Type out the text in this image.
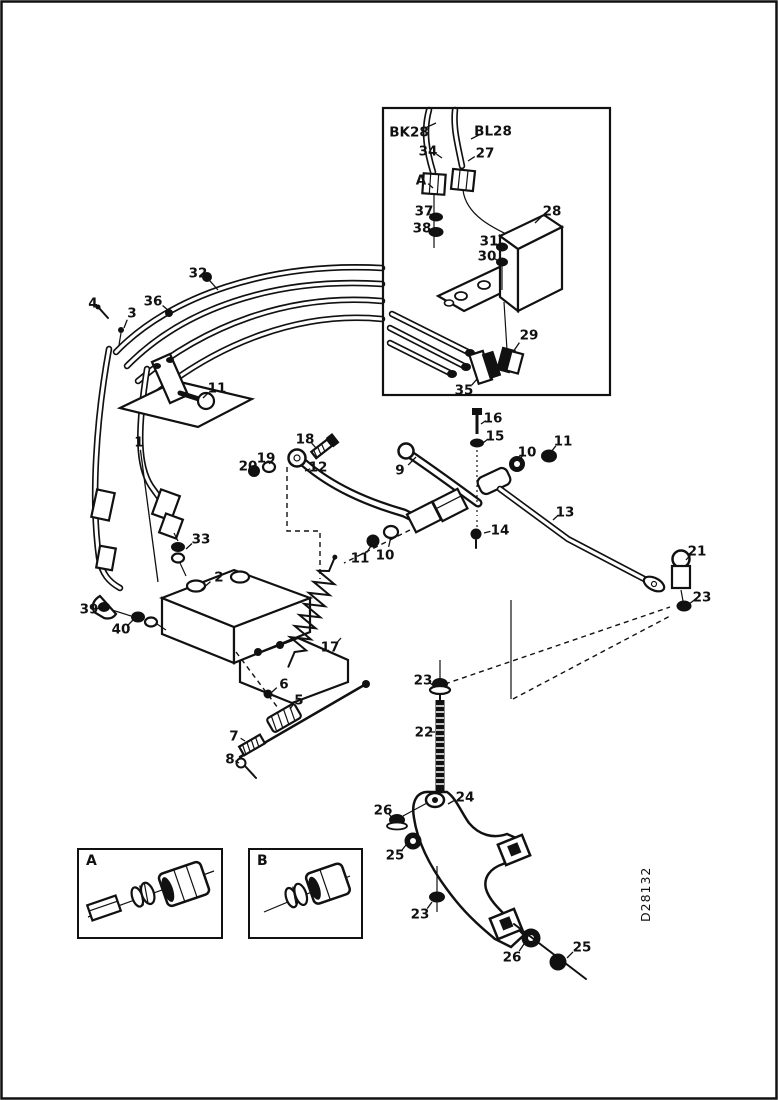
A	B
D28132
32
36
4
3
11
1
33
2
39
40
18
19
20	12	9
16
15
10
11
11 10
14
13
21
23
17
6
5
7
8
23
22
24
26
25
23
26
25
BK28	BL28
34	27
A
37
38
28
31
30
29
35
